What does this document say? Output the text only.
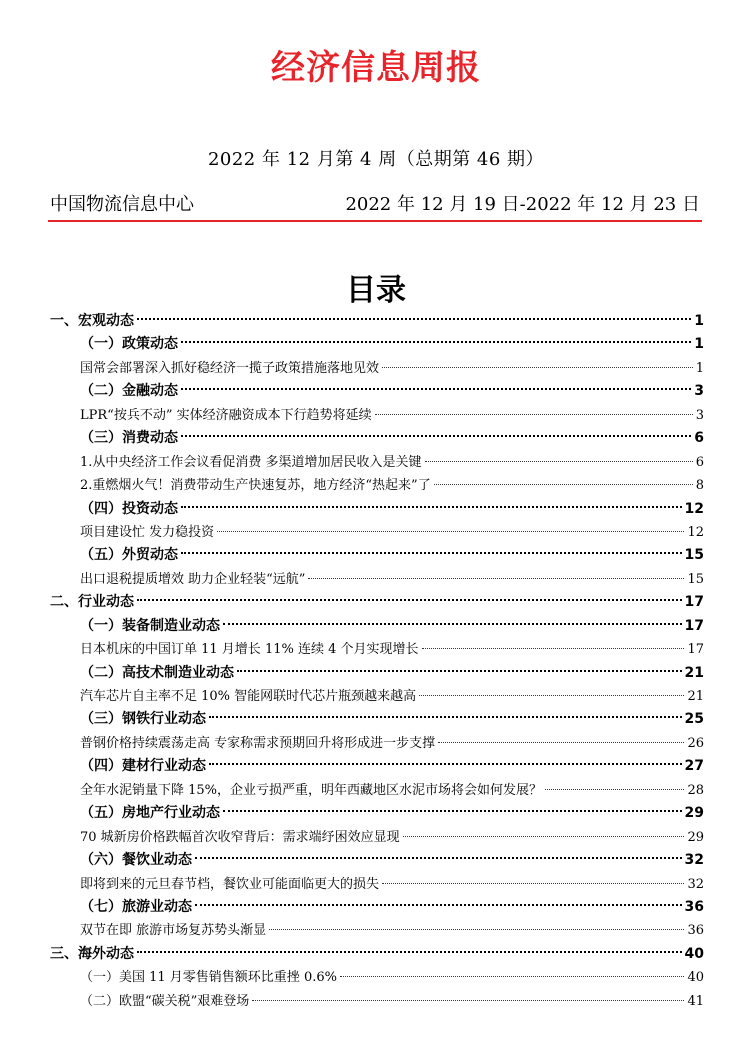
经济信息周报
2022 年 12 月第 4 周（总期第 46 期）
中国物流信息中心	2022 年 12 月 19 日-2022 年 12 月 23 日
目录
一、宏观动态	1
（一）政策动态	1
国常会部署深入抓好稳经济一揽子政策措施落地见效	1
（二）金融动态	3
LPR“按兵不动” 实体经济融资成本下行趋势将延续	3
（三）消费动态	6
1.从中央经济工作会议看促消费 多渠道增加居民收入是关键	6
2.重燃烟火气！消费带动生产快速复苏，地方经济“热起来”了	8
（四）投资动态	12
项目建设忙 发力稳投资	12
（五）外贸动态	15
出口退税提质增效 助力企业轻装“远航”	15
二、行业动态	17
（一）装备制造业动态	17
日本机床的中国订单 11 月增长 11% 连续 4 个月实现增长	17
（二）高技术制造业动态	21
汽车芯片自主率不足 10% 智能网联时代芯片瓶颈越来越高	21
（三）钢铁行业动态	25
普钢价格持续震荡走高 专家称需求预期回升将形成进一步支撑	26
（四）建材行业动态	27
全年水泥销量下降 15%，企业亏损严重，明年西藏地区水泥市场将会如何发展？	28
（五）房地产行业动态	29
70 城新房价格跌幅首次收窄背后：需求端纾困效应显现	29
（六）餐饮业动态	32
即将到来的元旦春节档，餐饮业可能面临更大的损失	32
（七）旅游业动态	36
双节在即 旅游市场复苏势头渐显	36
三、海外动态	40
（一）美国 11 月零售销售额环比重挫 0.6%	40
（二）欧盟“碳关税”艰难登场	41
